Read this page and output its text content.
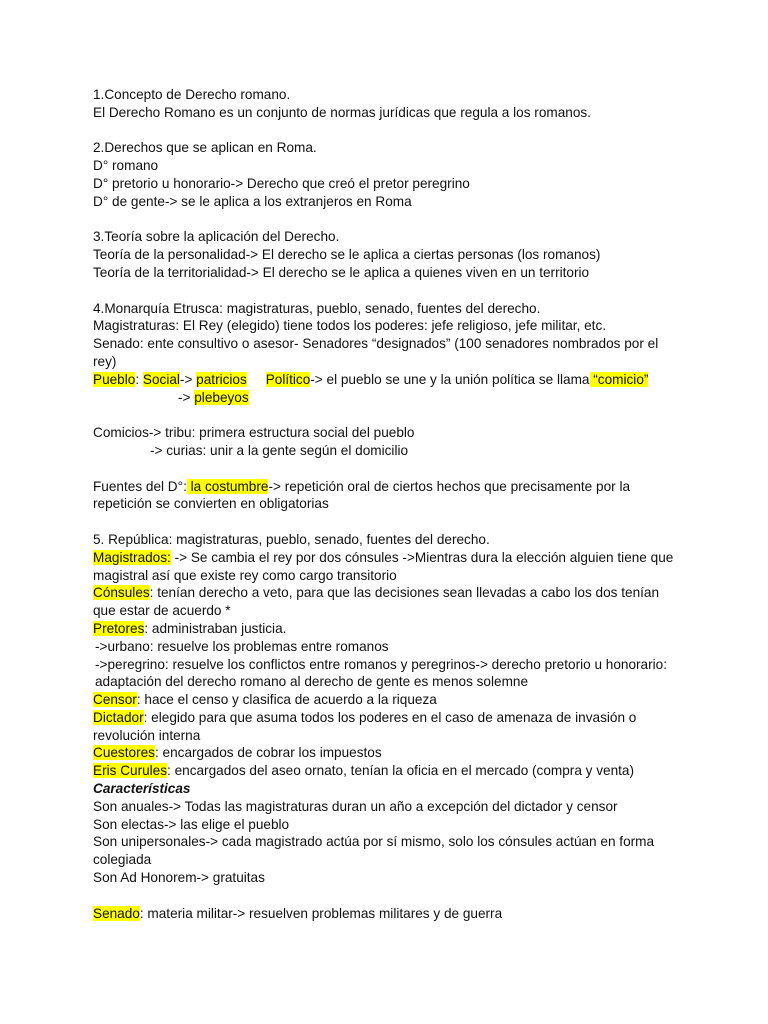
1.Concepto de Derecho romano.
El Derecho Romano es un conjunto de normas jurídicas que regula a los romanos.
2.Derechos que se aplican en Roma.
D° romano
D° pretorio u honorario-> Derecho que creó el pretor peregrino
D° de gente-> se le aplica a los extranjeros en Roma
3.Teoría sobre la aplicación del Derecho.
Teoría de la personalidad-> El derecho se le aplica a ciertas personas (los romanos)
Teoría de la territorialidad-> El derecho se le aplica a quienes viven en un territorio
4.Monarquía Etrusca: magistraturas, pueblo, senado, fuentes del derecho.
Magistraturas: El Rey (elegido) tiene todos los poderes: jefe religioso, jefe militar, etc.
Senado: ente consultivo o asesor- Senadores “designados” (100 senadores nombrados por el rey)
Pueblo: Social-> patricios Político-> el pueblo se une y la unión política se llama “comicio”
-> plebeyos
Comicios-> tribu: primera estructura social del pueblo
-> curias: unir a la gente según el domicilio
Fuentes del D°: la costumbre-> repetición oral de ciertos hechos que precisamente por la repetición se convierten en obligatorias
5. República: magistraturas, pueblo, senado, fuentes del derecho.
Magistrados: -> Se cambia el rey por dos cónsules ->Mientras dura la elección alguien tiene que magistral así que existe rey como cargo transitorio
Cónsules: tenían derecho a veto, para que las decisiones sean llevadas a cabo los dos tenían que estar de acuerdo *
Pretores: administraban justicia.
->urbano: resuelve los problemas entre romanos
->peregrino: resuelve los conflictos entre romanos y peregrinos-> derecho pretorio u honorario: adaptación del derecho romano al derecho de gente es menos solemne
Censor: hace el censo y clasifica de acuerdo a la riqueza
Dictador: elegido para que asuma todos los poderes en el caso de amenaza de invasión o revolución interna
Cuestores: encargados de cobrar los impuestos
Eris Curules: encargados del aseo ornato, tenían la oficia en el mercado (compra y venta)
Características
Son anuales-> Todas las magistraturas duran un año a excepción del dictador y censor
Son electas-> las elige el pueblo
Son unipersonales-> cada magistrado actúa por sí mismo, solo los cónsules actúan en forma colegiada
Son Ad Honorem-> gratuitas
Senado: materia militar-> resuelven problemas militares y de guerra
